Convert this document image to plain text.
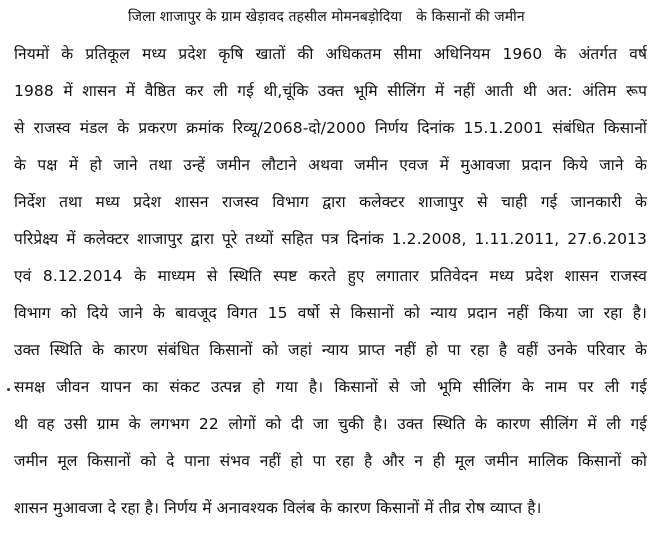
जिला शाजापुर के ग्राम खेड़ावद तहसील मोमनबड़ोदिया के किसानों की जमीन
नियमों के प्रतिकूल मध्य प्रदेश कृषि खातों की अधिकतम सीमा अधिनियम 1960 के अंतर्गत वर्ष
1988 में शासन में वैष्ठित कर ली गई थी,चूंकि उक्त भूमि सीलिंग में नहीं आती थी अत: अंतिम रूप
से राजस्व मंडल के प्रकरण क्रमांक रिव्यू/2068-दो/2000 निर्णय दिनांक 15.1.2001 संबंधित किसानों
के पक्ष में हो जाने तथा उन्हें जमीन लौटाने अथवा जमीन एवज में मुआवजा प्रदान किये जाने के
निर्देश तथा मध्य प्रदेश शासन राजस्व विभाग द्वारा कलेक्टर शाजापुर से चाही गई जानकारी के
परिप्रेक्ष्य में कलेक्टर शाजापुर द्वारा पूरे तथ्यों सहित पत्र दिनांक 1.2.2008, 1.11.2011, 27.6.2013
एवं 8.12.2014 के माध्यम से स्थिति स्पष्ट करते हुए लगातार प्रतिवेदन मध्य प्रदेश शासन राजस्व
विभाग को दिये जाने के बावजूद विगत 15 वर्षो से किसानों को न्याय प्रदान नहीं किया जा रहा है।
उक्त स्थिति के कारण संबंधित किसानों को जहां न्याय प्राप्त नहीं हो पा रहा है वहीं उनके परिवार के
समक्ष जीवन यापन का संकट उत्पन्न हो गया है। किसानों से जो भूमि सीलिंग के नाम पर ली गई
थी वह उसी ग्राम के लगभग 22 लोगों को दी जा चुकी है। उक्त स्थिति के कारण सीलिंग में ली गई
जमीन मूल किसानों को दे पाना संभव नहीं हो पा रहा है और न ही मूल जमीन मालिक किसानों को
शासन मुआवजा दे रहा है। निर्णय में अनावश्यक विलंब के कारण किसानों में तीव्र रोष व्याप्त है।
